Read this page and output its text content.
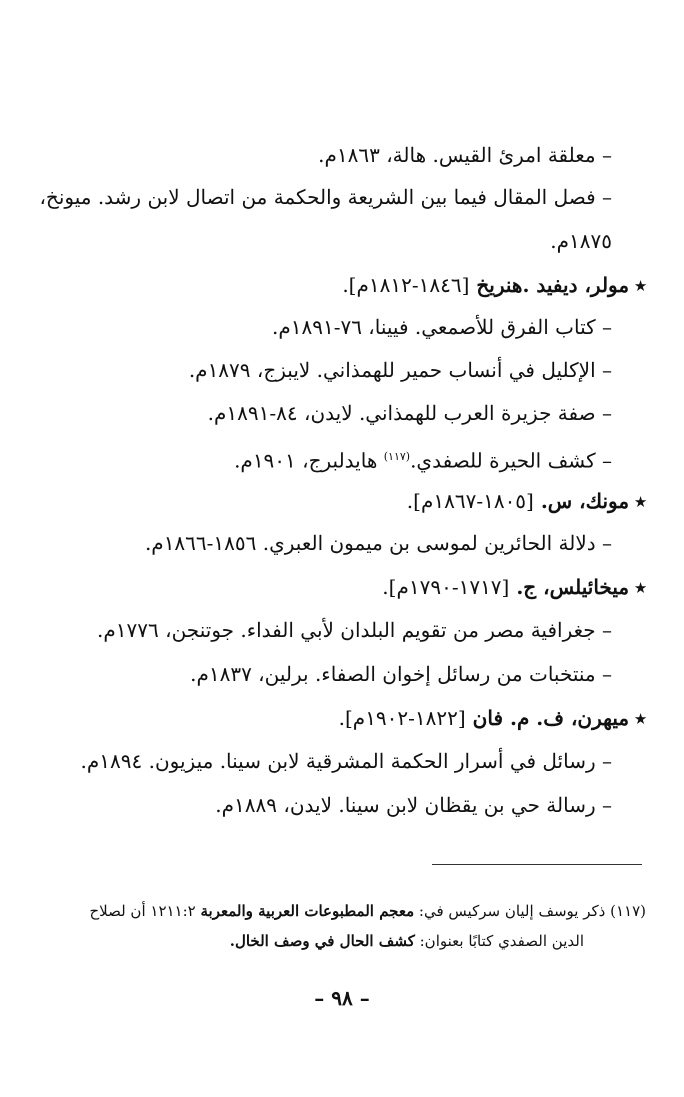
– معلقة امرئ القيس. هالة، ١٨٦٣م.
– فصل المقال فيما بين الشريعة والحكمة من اتصال لابن رشد. ميونخ،
١٨٧٥م.
٭مولر، ديفيد .هنريخ [١٨٤٦-١٨١٢م].
– كتاب الفرق للأصمعي. فيينا، ٧٦-١٨٩١م.
– الإكليل في أنساب حمير للهمذاني. لايبزج، ١٨٧٩م.
– صفة جزيرة العرب للهمذاني. لايدن، ٨٤-١٨٩١م.
– كشف الحيرة للصفدي.$^{(١١٧)}$ هايدلبرج، ١٩٠١م.
٭مونك، س. [١٨٠٥-١٨٦٧م].
– دلالة الحائرين لموسى بن ميمون العبري. ١٨٥٦-١٨٦٦م.
٭ميخائيلس، ج. [١٧١٧-١٧٩٠م].
– جغرافية مصر من تقويم البلدان لأبي الفداء. جوتنجن، ١٧٧٦م.
– منتخبات من رسائل إخوان الصفاء. برلين، ١٨٣٧م.
٭ميهرن، ف. م. فان [١٨٢٢-١٩٠٢م].
– رسائل في أسرار الحكمة المشرقية لابن سينا. ميزيون. ١٨٩٤م.
– رسالة حي بن يقظان لابن سينا. لايدن، ١٨٨٩م.
(١١٧) ذكر يوسف إليان سركيس في: معجم المطبوعات العربية والمعربة ١٢١١:٢ أن لصلاح
الدين الصفدي كتابًا بعنوان: كشف الحال في وصف الخال.
– ٩٨ –
